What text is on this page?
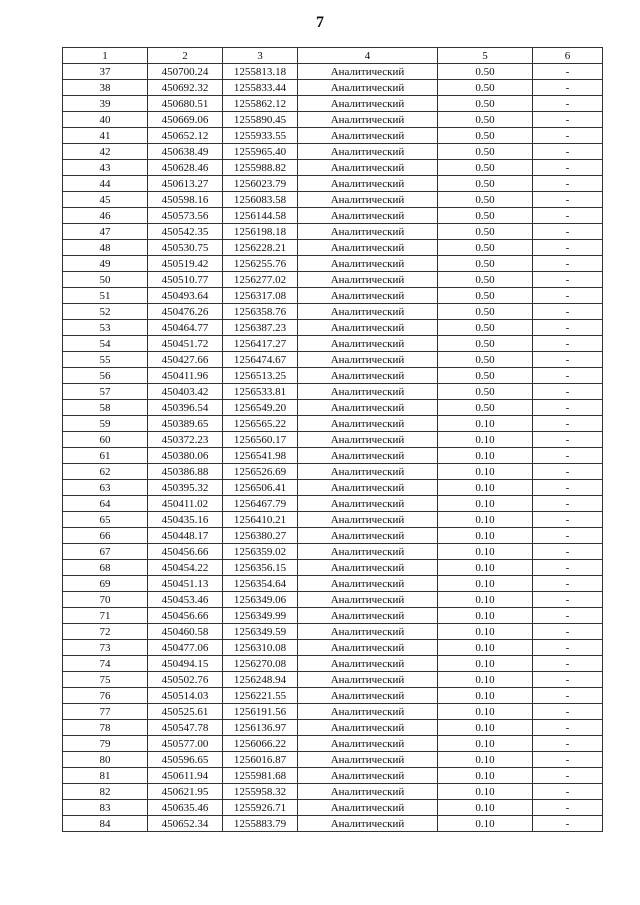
7
1	2	3	4	5	6
37	450700.24	1255813.18	Аналитический	0.50	-
38	450692.32	1255833.44	Аналитический	0.50	-
39	450680.51	1255862.12	Аналитический	0.50	-
40	450669.06	1255890.45	Аналитический	0.50	-
41	450652.12	1255933.55	Аналитический	0.50	-
42	450638.49	1255965.40	Аналитический	0.50	-
43	450628.46	1255988.82	Аналитический	0.50	-
44	450613.27	1256023.79	Аналитический	0.50	-
45	450598.16	1256083.58	Аналитический	0.50	-
46	450573.56	1256144.58	Аналитический	0.50	-
47	450542.35	1256198.18	Аналитический	0.50	-
48	450530.75	1256228.21	Аналитический	0.50	-
49	450519.42	1256255.76	Аналитический	0.50	-
50	450510.77	1256277.02	Аналитический	0.50	-
51	450493.64	1256317.08	Аналитический	0.50	-
52	450476.26	1256358.76	Аналитический	0.50	-
53	450464.77	1256387.23	Аналитический	0.50	-
54	450451.72	1256417.27	Аналитический	0.50	-
55	450427.66	1256474.67	Аналитический	0.50	-
56	450411.96	1256513.25	Аналитический	0.50	-
57	450403.42	1256533.81	Аналитический	0.50	-
58	450396.54	1256549.20	Аналитический	0.50	-
59	450389.65	1256565.22	Аналитический	0.10	-
60	450372.23	1256560.17	Аналитический	0.10	-
61	450380.06	1256541.98	Аналитический	0.10	-
62	450386.88	1256526.69	Аналитический	0.10	-
63	450395.32	1256506.41	Аналитический	0.10	-
64	450411.02	1256467.79	Аналитический	0.10	-
65	450435.16	1256410.21	Аналитический	0.10	-
66	450448.17	1256380.27	Аналитический	0.10	-
67	450456.66	1256359.02	Аналитический	0.10	-
68	450454.22	1256356.15	Аналитический	0.10	-
69	450451.13	1256354.64	Аналитический	0.10	-
70	450453.46	1256349.06	Аналитический	0.10	-
71	450456.66	1256349.99	Аналитический	0.10	-
72	450460.58	1256349.59	Аналитический	0.10	-
73	450477.06	1256310.08	Аналитический	0.10	-
74	450494.15	1256270.08	Аналитический	0.10	-
75	450502.76	1256248.94	Аналитический	0.10	-
76	450514.03	1256221.55	Аналитический	0.10	-
77	450525.61	1256191.56	Аналитический	0.10	-
78	450547.78	1256136.97	Аналитический	0.10	-
79	450577.00	1256066.22	Аналитический	0.10	-
80	450596.65	1256016.87	Аналитический	0.10	-
81	450611.94	1255981.68	Аналитический	0.10	-
82	450621.95	1255958.32	Аналитический	0.10	-
83	450635.46	1255926.71	Аналитический	0.10	-
84	450652.34	1255883.79	Аналитический	0.10	-
